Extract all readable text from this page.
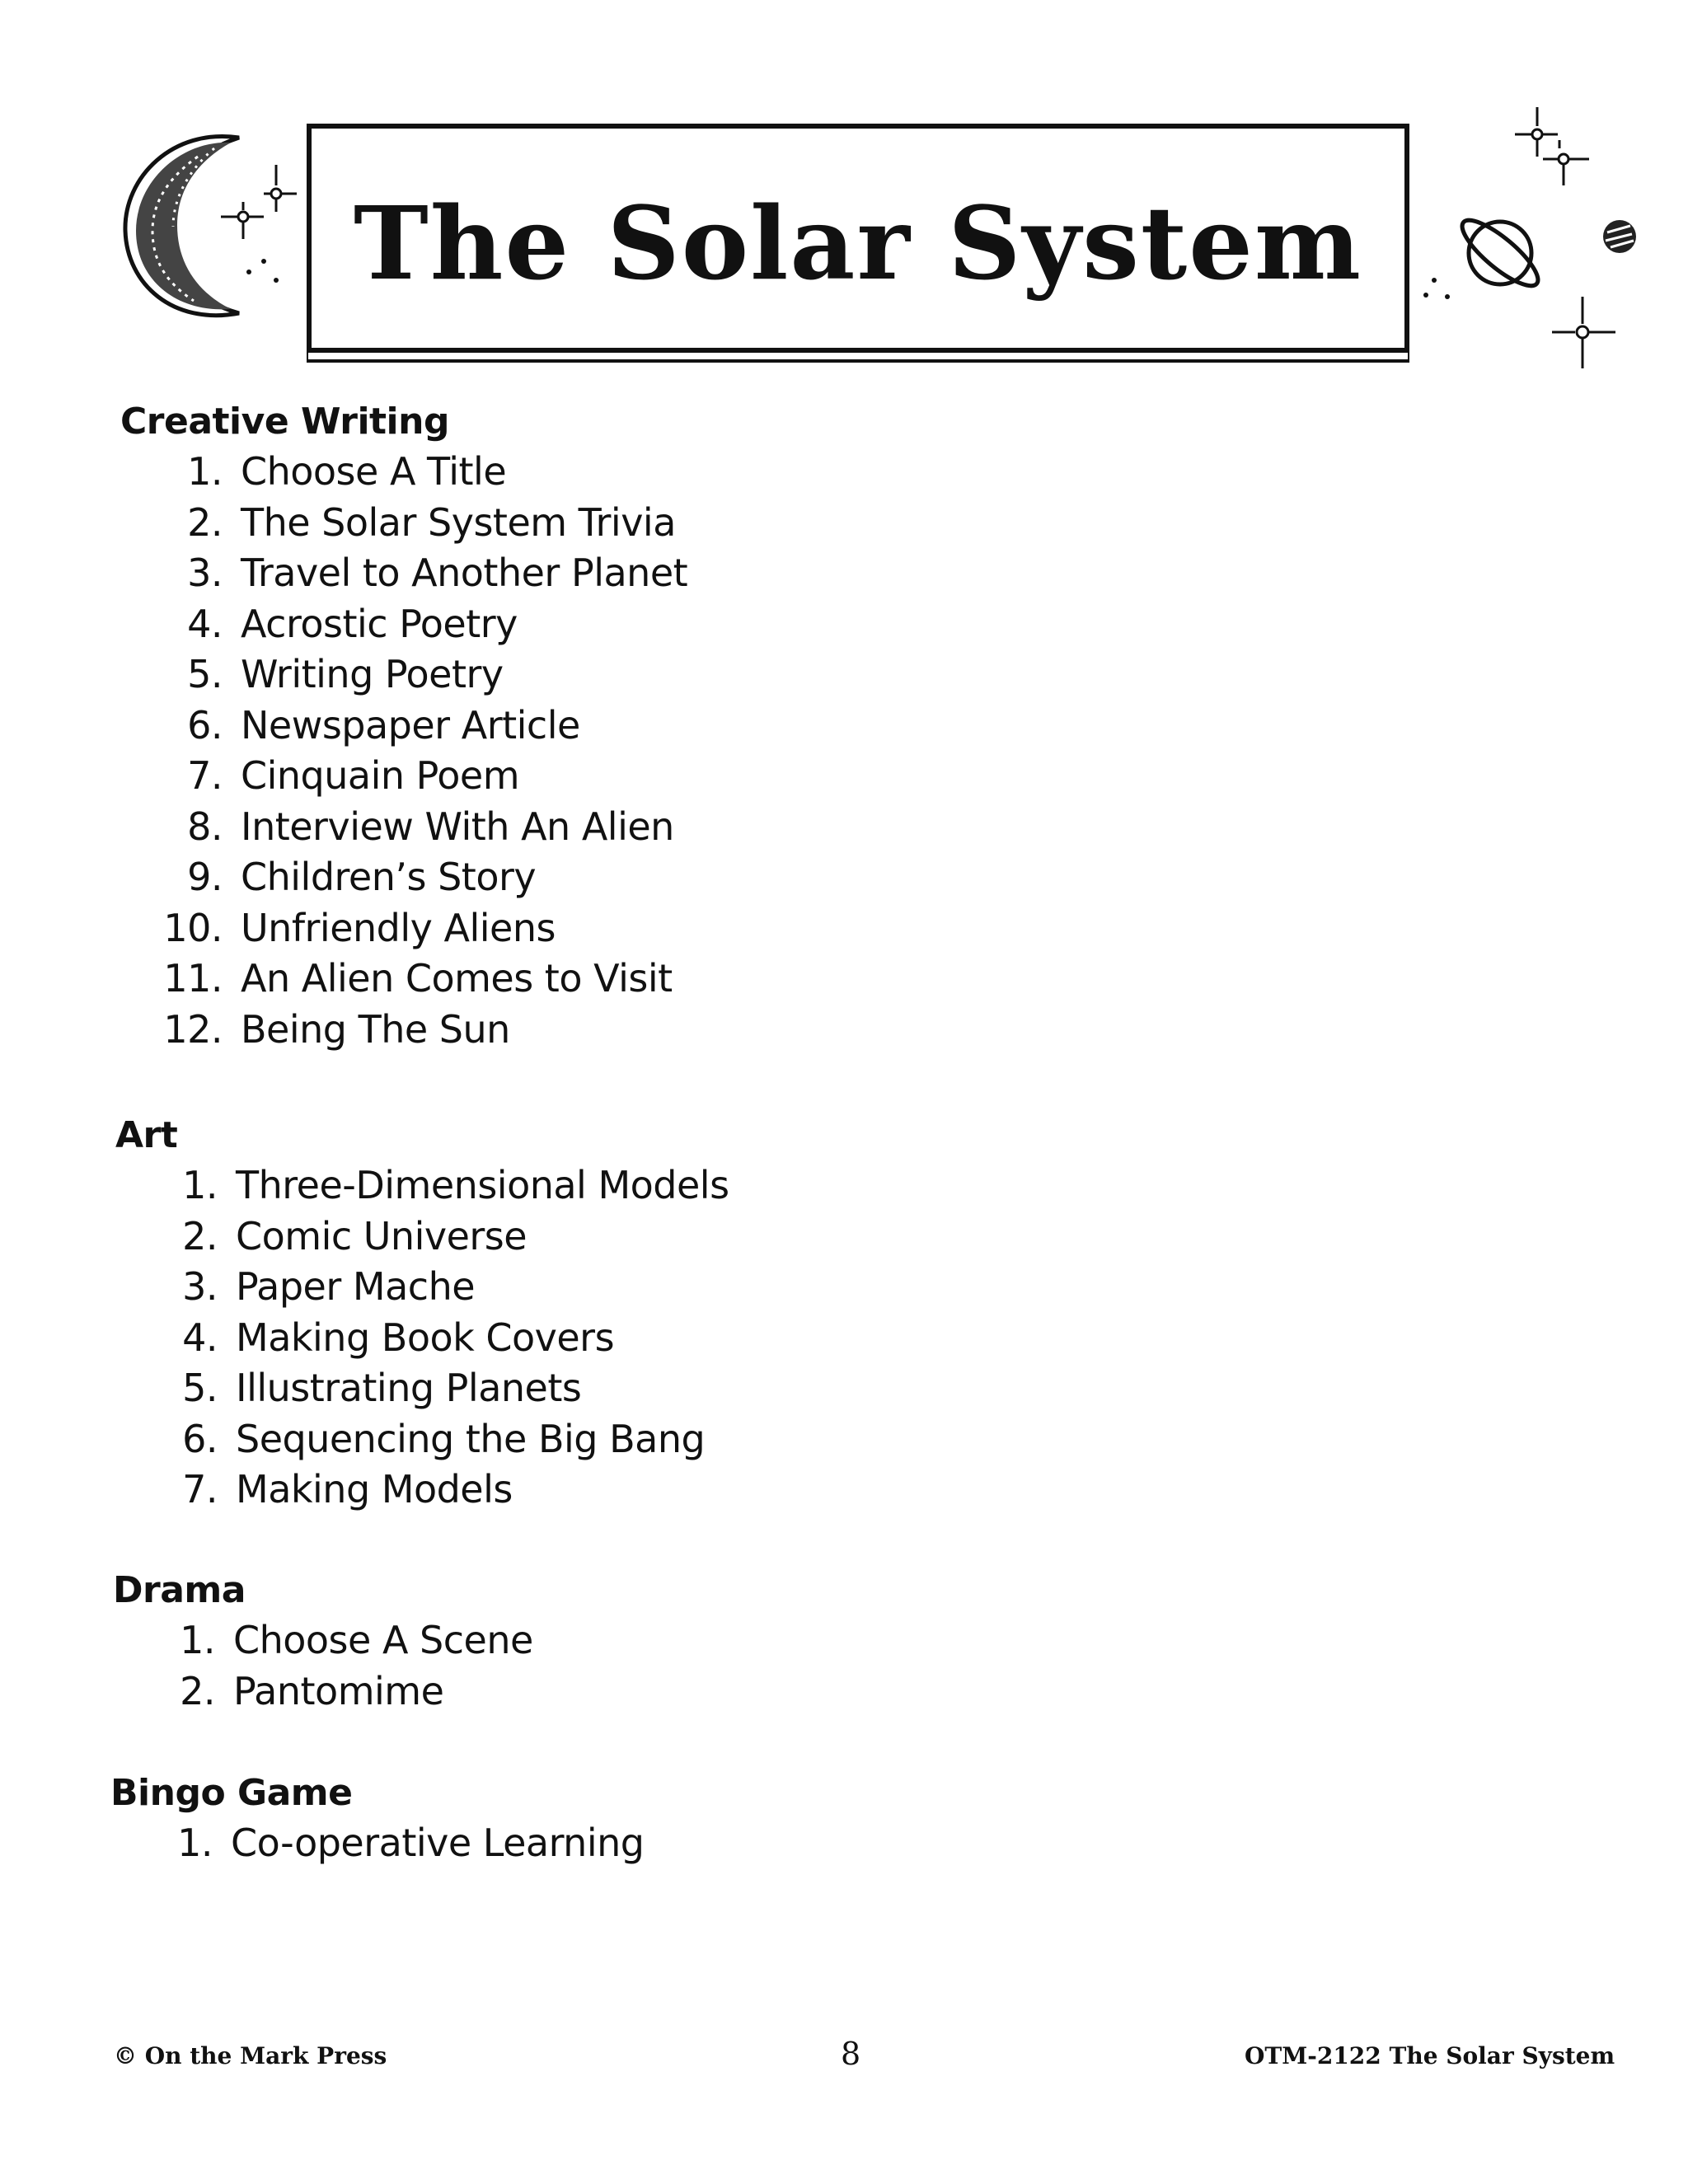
The Solar System
Creative Writing
1. Choose A Title
2. The Solar System Trivia
3. Travel to Another Planet
4. Acrostic Poetry
5. Writing Poetry
6. Newspaper Article
7. Cinquain Poem
8. Interview With An Alien
9. Children’s Story
10. Unfriendly Aliens
11. An Alien Comes to Visit
12. Being The Sun
Art
1. Three-Dimensional Models
2. Comic Universe
3. Paper Mache
4. Making Book Covers
5. Illustrating Planets
6. Sequencing the Big Bang
7. Making Models
Drama
1. Choose A Scene
2. Pantomime
Bingo Game
1. Co-operative Learning
© On the Mark Press	8	OTM-2122 The Solar System
